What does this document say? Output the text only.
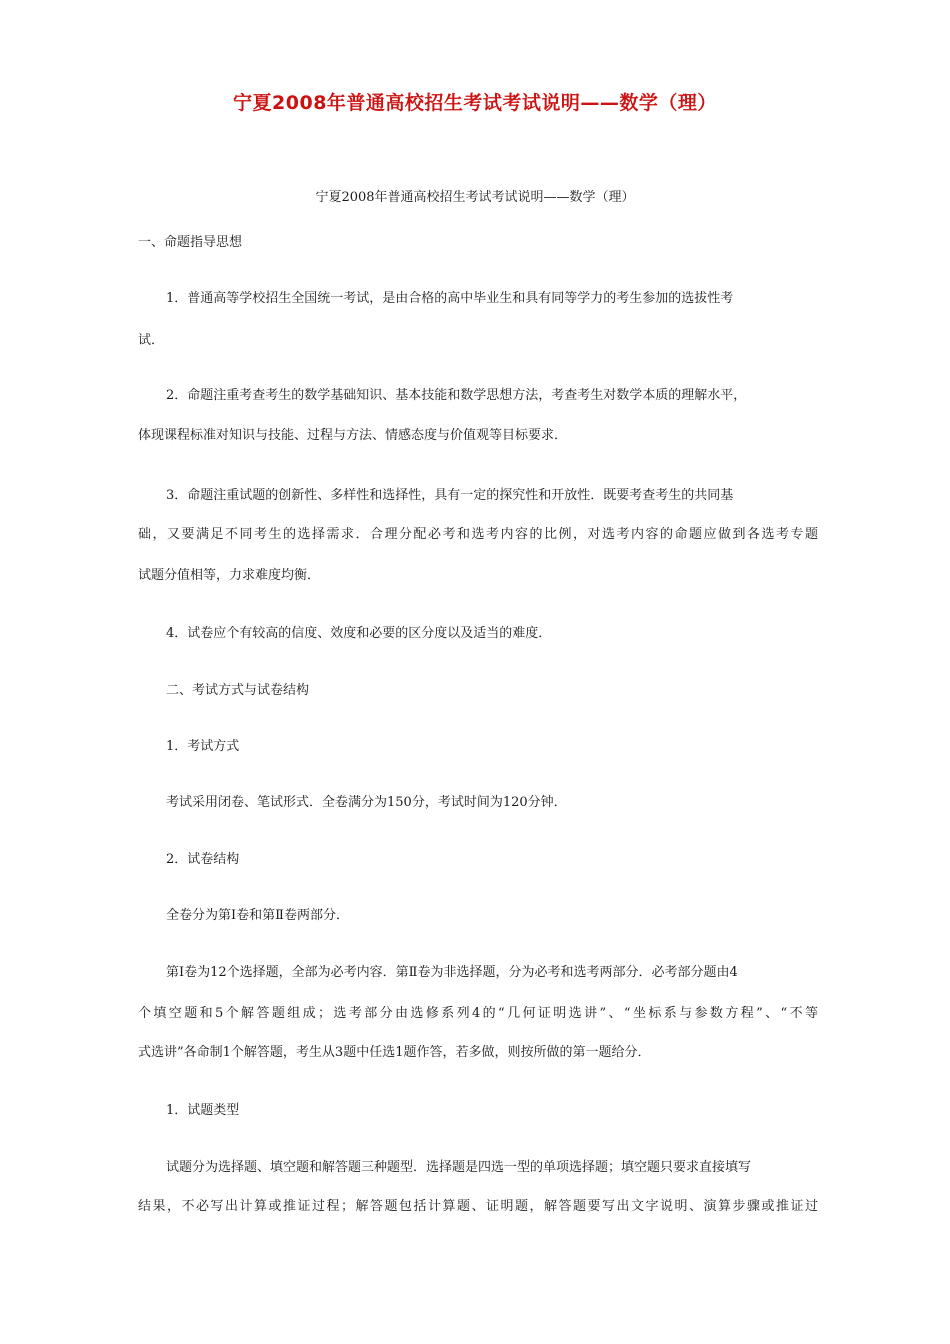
宁夏2008年普通高校招生考试考试说明——数学（理）

宁夏2008年普通高校招生考试考试说明——数学（理）

一、命题指导思想

1．普通高等学校招生全国统一考试，是由合格的高中毕业生和具有同等学力的考生参加的选拔性考

试．

2．命题注重考查考生的数学基础知识、基本技能和数学思想方法，考查考生对数学本质的理解水平，

体现课程标准对知识与技能、过程与方法、情感态度与价值观等目标要求．

3．命题注重试题的创新性、多样性和选择性，具有一定的探究性和开放性．既要考查考生的共同基

础，又要满足不同考生的选择需求．合理分配必考和选考内容的比例，对选考内容的命题应做到各选考专题

试题分值相等，力求难度均衡．

4．试卷应个有较高的信度、效度和必要的区分度以及适当的难度．

二、考试方式与试卷结构

1．考试方式

考试采用闭卷、笔试形式．全卷满分为150分，考试时间为120分钟．

2．试卷结构

全卷分为第Ⅰ卷和第Ⅱ卷两部分．

第Ⅰ卷为12个选择题，全部为必考内容．第Ⅱ卷为非选择题，分为必考和选考两部分．必考部分题由4

个填空题和5个解答题组成；选考部分由选修系列4的“几何证明选讲”、“坐标系与参数方程”、“不等

式选讲”各命制1个解答题，考生从3题中任选1题作答，若多做，则按所做的第一题给分．

1．试题类型

试题分为选择题、填空题和解答题三种题型．选择题是四选一型的单项选择题；填空题只要求直接填写

结果，不必写出计算或推证过程；解答题包括计算题、证明题，解答题要写出文字说明、演算步骤或推证过
